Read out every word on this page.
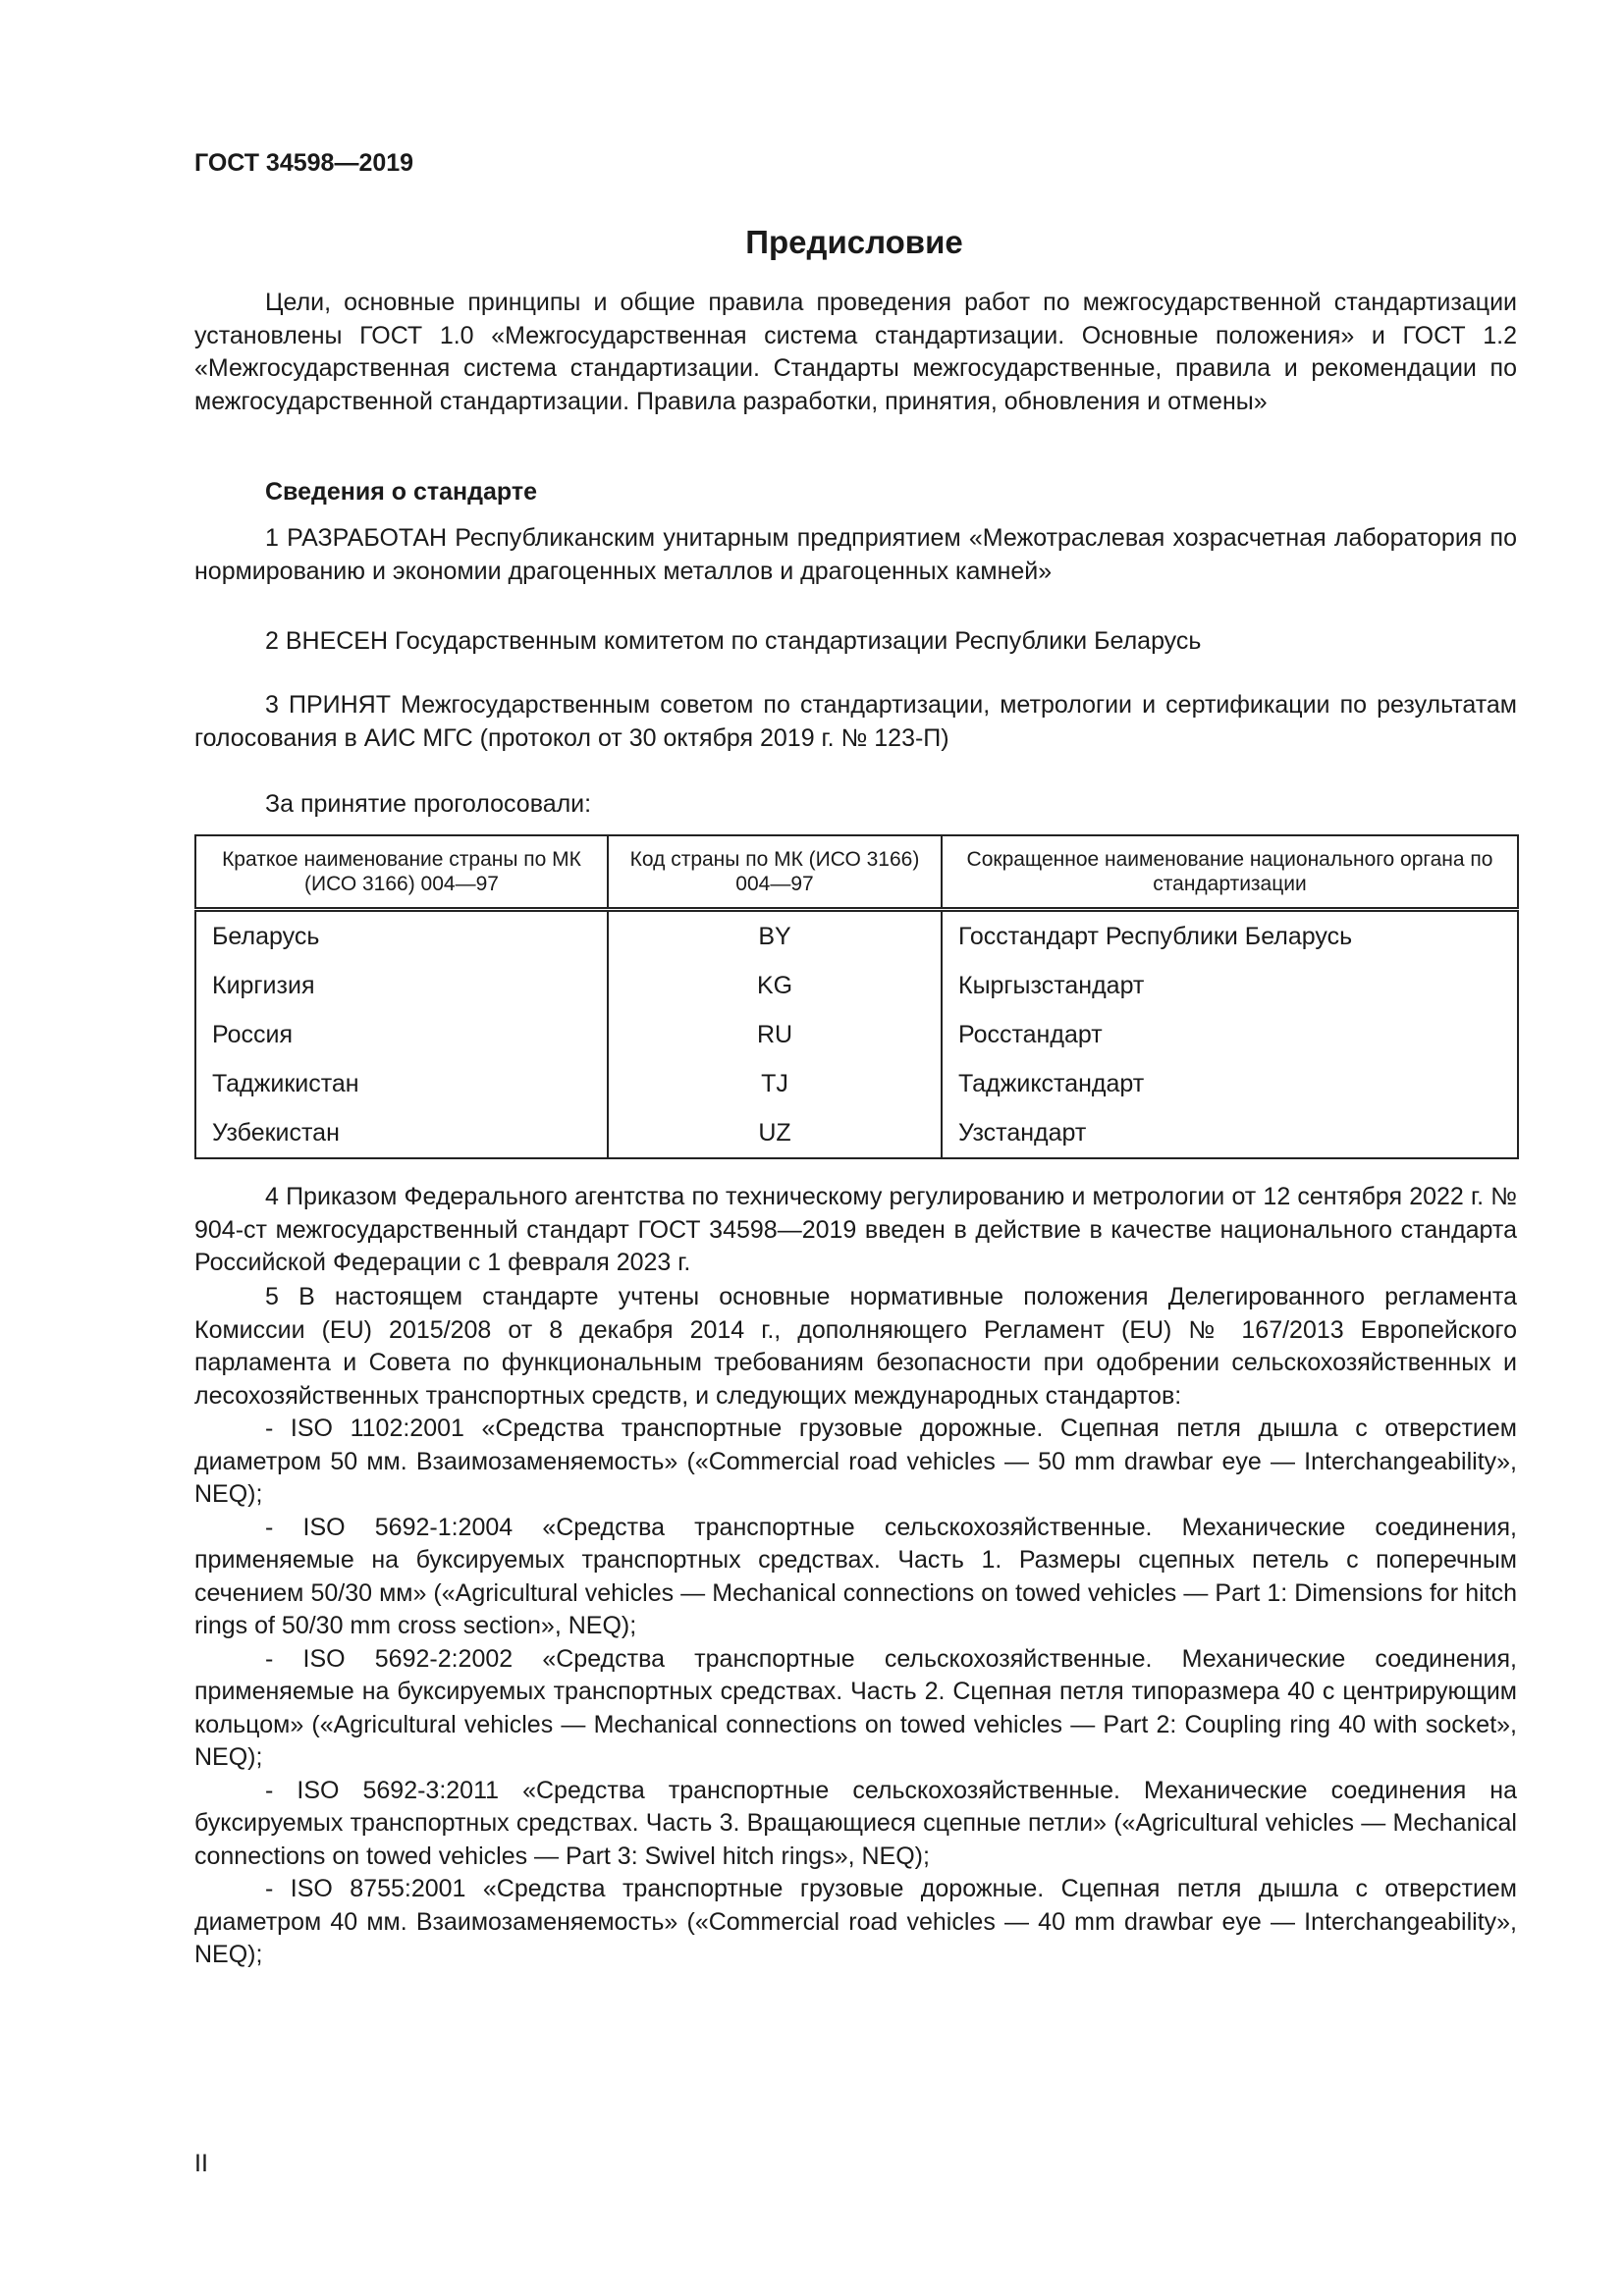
ГОСТ 34598—2019
Предисловие

Цели, основные принципы и общие правила проведения работ по межгосударственной стандартизации установлены ГОСТ 1.0 «Межгосударственная система стандартизации. Основные положения» и ГОСТ 1.2 «Межгосударственная система стандартизации. Стандарты межгосударственные, правила и рекомендации по межгосударственной стандартизации. Правила разработки, принятия, обновления и отмены»

Сведения о стандарте

1 РАЗРАБОТАН Республиканским унитарным предприятием «Межотраслевая хозрасчетная лаборатория по нормированию и экономии драгоценных металлов и драгоценных камней»

2 ВНЕСЕН Государственным комитетом по стандартизации Республики Беларусь

3 ПРИНЯТ Межгосударственным советом по стандартизации, метрологии и сертификации по результатам голосования в АИС МГС (протокол от 30 октября 2019 г. № 123-П)

За принятие проголосовали:
Краткое наименование страны по МК (ИСО 3166) 004—97	Код страны по МК (ИСО 3166) 004—97	Сокращенное наименование национального органа по стандартизации
Беларусь	BY	Госстандарт Республики Беларусь
Киргизия	KG	Кыргызстандарт
Россия	RU	Росстандарт
Таджикистан	TJ	Таджикстандарт
Узбекистан	UZ	Узстандарт

4 Приказом Федерального агентства по техническому регулированию и метрологии от 12 сентября 2022 г. № 904-ст межгосударственный стандарт ГОСТ 34598—2019 введен в действие в качестве национального стандарта Российской Федерации с 1 февраля 2023 г.

5 В настоящем стандарте учтены основные нормативные положения Делегированного регламента Комиссии (EU) 2015/208 от 8 декабря 2014 г., дополняющего Регламент (EU) № 167/2013 Европейского парламента и Совета по функциональным требованиям безопасности при одобрении сельскохозяйственных и лесохозяйственных транспортных средств, и следующих международных стандартов:

- ISO 1102:2001 «Средства транспортные грузовые дорожные. Сцепная петля дышла с отверстием диаметром 50 мм. Взаимозаменяемость» («Commercial road vehicles — 50 mm drawbar eye — Interchangeability», NEQ);

- ISO 5692-1:2004 «Средства транспортные сельскохозяйственные. Механические соединения, применяемые на буксируемых транспортных средствах. Часть 1. Размеры сцепных петель с поперечным сечением 50/30 мм» («Agricultural vehicles — Mechanical connections on towed vehicles — Part 1: Dimensions for hitch rings of 50/30 mm cross section», NEQ);

- ISO 5692-2:2002 «Средства транспортные сельскохозяйственные. Механические соединения, применяемые на буксируемых транспортных средствах. Часть 2. Сцепная петля типоразмера 40 с центрирующим кольцом» («Agricultural vehicles — Mechanical connections on towed vehicles — Part 2: Coupling ring 40 with socket», NEQ);

- ISO 5692-3:2011 «Средства транспортные сельскохозяйственные. Механические соединения на буксируемых транспортных средствах. Часть 3. Вращающиеся сцепные петли» («Agricultural vehicles — Mechanical connections on towed vehicles — Part 3: Swivel hitch rings», NEQ);

- ISO 8755:2001 «Средства транспортные грузовые дорожные. Сцепная петля дышла с отверстием диаметром 40 мм. Взаимозаменяемость» («Commercial road vehicles — 40 mm drawbar eye — Interchangeability», NEQ);

II
